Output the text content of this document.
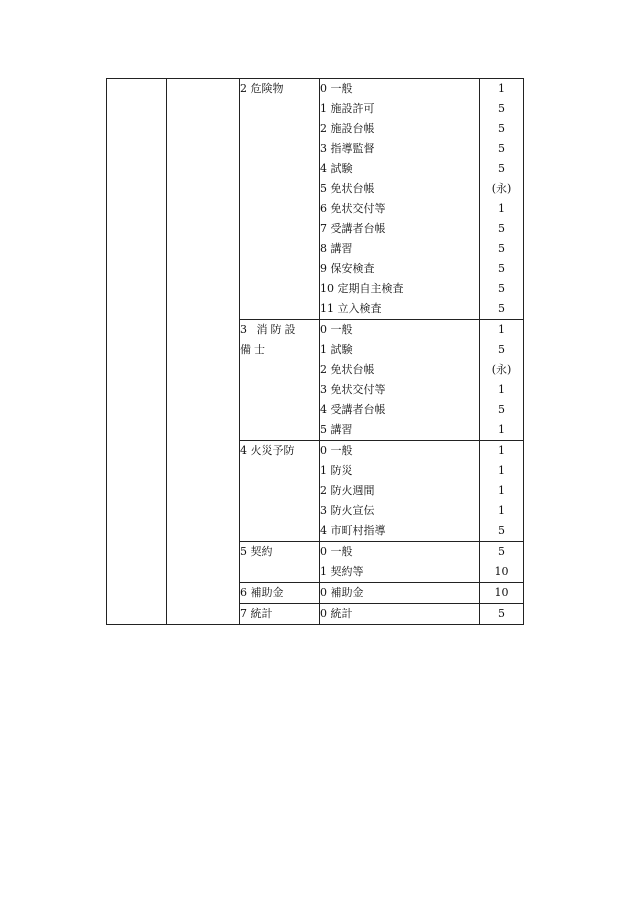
		2 危険物	0 一般	1
			1 施設許可	5
			2 施設台帳	5
			3 指導監督	5
			4 試験	5
			5 免状台帳	(永)
			6 免状交付等	1
			7 受講者台帳	5
			8 講習	5
			9 保安検査	5
			10 定期自主検査	5
			11 立入検査	5

		3 消防設備士	0 一般	1
			1 試験	5
			2 免状台帳	(永)
			3 免状交付等	1
			4 受講者台帳	5
			5 講習	1

		4 火災予防	0 一般	1
			1 防災	1
			2 防火週間	1
			3 防火宣伝	1
			4 市町村指導	5

		5 契約	0 一般	5
			1 契約等	10

		6 補助金	0 補助金	10

		7 統計	0 統計	5
